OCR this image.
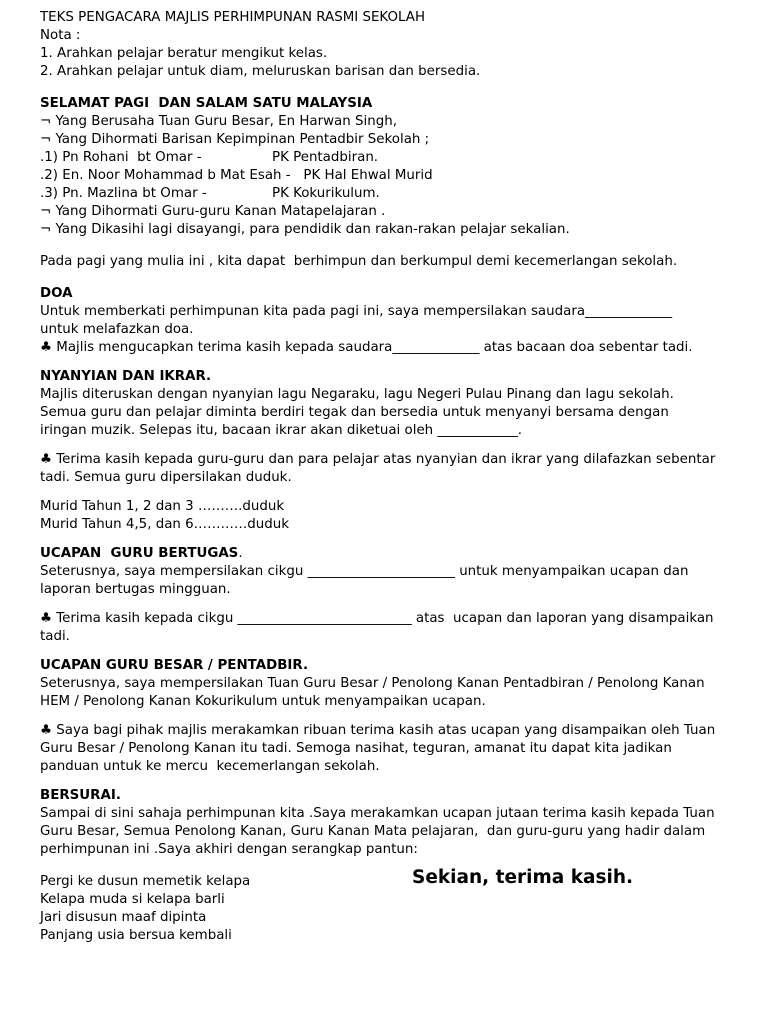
TEKS PENGACARA MAJLIS PERHIMPUNAN RASMI SEKOLAH

Nota :

1. Arahkan pelajar beratur mengikut kelas.

2. Arahkan pelajar untuk diam, meluruskan barisan dan bersedia.

SELAMAT PAGI  DAN SALAM SATU MALAYSIA

¬ Yang Berusaha Tuan Guru Besar, En Harwan Singh,

¬ Yang Dihormati Barisan Kepimpinan Pentadbir Sekolah ;

.1) Pn Rohani  bt Omar -	PK Pentadbiran.

.2) En. Noor Mohammad b Mat Esah - PK Hal Ehwal Murid

.3) Pn. Mazlina bt Omar -	PK Kokurikulum.

¬ Yang Dihormati Guru-guru Kanan Matapelajaran .

¬ Yang Dikasihi lagi disayangi, para pendidik dan rakan-rakan pelajar sekalian.

Pada pagi yang mulia ini , kita dapat  berhimpun dan berkumpul demi kecemerlangan sekolah.

DOA

Untuk memberkati perhimpunan kita pada pagi ini, saya mempersilakan saudara_____________

untuk melafazkan doa.

♣ Majlis mengucapkan terima kasih kepada saudara_____________ atas bacaan doa sebentar tadi.

NYANYIAN DAN IKRAR.

Majlis diteruskan dengan nyanyian lagu Negaraku, lagu Negeri Pulau Pinang dan lagu sekolah.

Semua guru dan pelajar diminta berdiri tegak dan bersedia untuk menyanyi bersama dengan

iringan muzik. Selepas itu, bacaan ikrar akan diketuai oleh ____________.

♣ Terima kasih kepada guru-guru dan para pelajar atas nyanyian dan ikrar yang dilafazkan sebentar

tadi. Semua guru dipersilakan duduk.

Murid Tahun 1, 2 dan 3 ……….duduk

Murid Tahun 4,5, dan 6…………duduk

UCAPAN  GURU BERTUGAS.

Seterusnya, saya mempersilakan cikgu ______________________ untuk menyampaikan ucapan dan

laporan bertugas mingguan.

♣ Terima kasih kepada cikgu __________________________ atas  ucapan dan laporan yang disampaikan

tadi.

UCAPAN GURU BESAR / PENTADBIR.

Seterusnya, saya mempersilakan Tuan Guru Besar / Penolong Kanan Pentadbiran / Penolong Kanan

HEM / Penolong Kanan Kokurikulum untuk menyampaikan ucapan.

♣ Saya bagi pihak majlis merakamkan ribuan terima kasih atas ucapan yang disampaikan oleh Tuan

Guru Besar / Penolong Kanan itu tadi. Semoga nasihat, teguran, amanat itu dapat kita jadikan

panduan untuk ke mercu  kecemerlangan sekolah.

BERSURAI.

Sampai di sini sahaja perhimpunan kita .Saya merakamkan ucapan jutaan terima kasih kepada Tuan

Guru Besar, Semua Penolong Kanan, Guru Kanan Mata pelajaran,  dan guru-guru yang hadir dalam

perhimpunan ini .Saya akhiri dengan serangkap pantun:

Pergi ke dusun memetik kelapa

Kelapa muda si kelapa barli

Jari disusun maaf dipinta

Panjang usia bersua kembali

Sekian, terima kasih.
